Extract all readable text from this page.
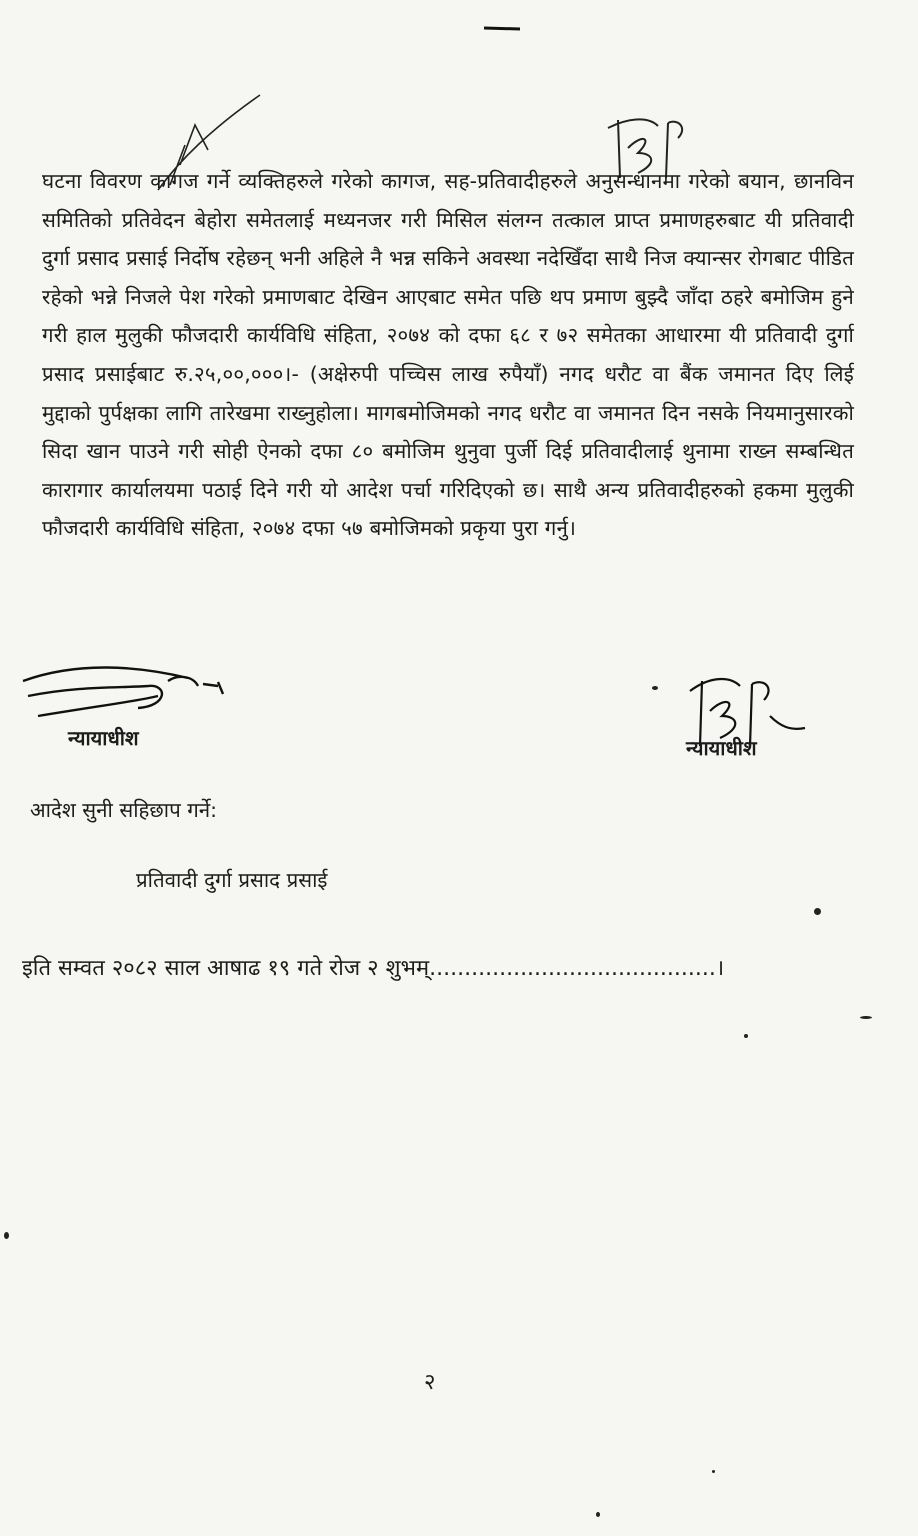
घटना विवरण कागज गर्ने व्यक्तिहरुले गरेको कागज, सह-प्रतिवादीहरुले अनुसन्धानमा गरेको बयान, छानविन समितिको प्रतिवेदन बेहोरा समेतलाई मध्यनजर गरी मिसिल संलग्न तत्काल प्राप्त प्रमाणहरुबाट यी प्रतिवादी दुर्गा प्रसाद प्रसाई निर्दोष रहेछन् भनी अहिले नै भन्न सकिने अवस्था नदेखिँदा साथै निज क्यान्सर रोगबाट पीडित रहेको भन्ने निजले पेश गरेको प्रमाणबाट देखिन आएबाट समेत पछि थप प्रमाण बुझ्दै जाँदा ठहरे बमोजिम हुने गरी हाल मुलुकी फौजदारी कार्यविधि संहिता, २०७४ को दफा ६८ र ७२ समेतका आधारमा यी प्रतिवादी दुर्गा प्रसाद प्रसाईबाट रु.२५,००,०००।- (अक्षेरुपी पच्चिस लाख रुपैयाँ) नगद धरौट वा बैंक जमानत दिए लिई मुद्दाको पुर्पक्षका लागि तारेखमा राख्नुहोला। मागबमोजिमको नगद धरौट वा जमानत दिन नसके नियमानुसारको सिदा खान पाउने गरी सोही ऐनको दफा ८० बमोजिम थुनुवा पुर्जी दिई प्रतिवादीलाई थुनामा राख्न सम्बन्धित कारागार कार्यालयमा पठाई दिने गरी यो आदेश पर्चा गरिदिएको छ। साथै अन्य प्रतिवादीहरुको हकमा मुलुकी फौजदारी कार्यविधि संहिता, २०७४ दफा ५७ बमोजिमको प्रकृया पुरा गर्नु।

न्यायाधीश	न्यायाधीश
आदेश सुनी सहिछाप गर्ने:
प्रतिवादी दुर्गा प्रसाद प्रसाई
इति सम्वत २०८२ साल आषाढ १९ गते रोज २ शुभम्.........................................।
२
